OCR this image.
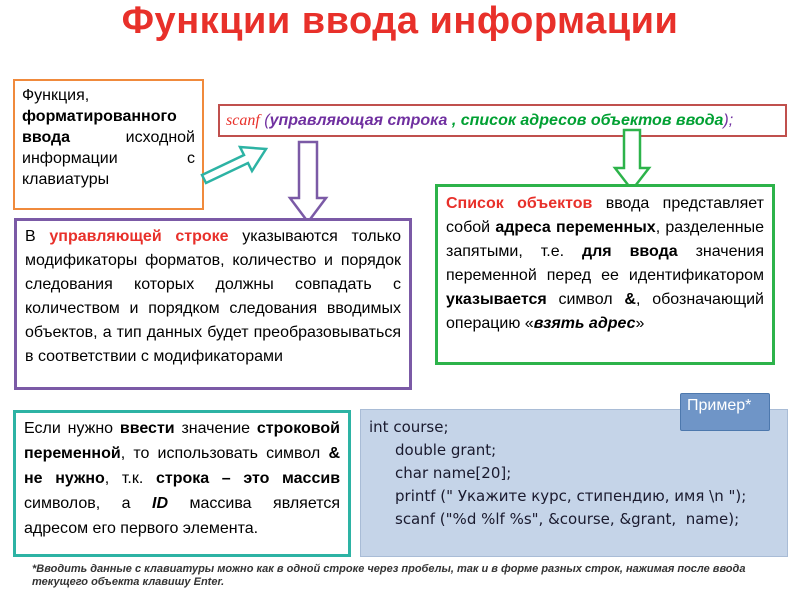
Функции ввода информации
Функция, форматированного ввода исходной информации с клавиатуры
scanf (управляющая строка , список адресов объектов ввода);
Список объектов ввода представляет собой адреса переменных, разделенные запятыми, т.е. для ввода значения переменной перед ее идентификатором указывается символ &, обозначающий операцию «взять адрес»
В управляющей строке указываются только модификаторы форматов, количество и порядок следования которых должны совпадать с количеством и порядком следования вводимых объектов, а тип данных будет преобразовываться в соответствии с модификаторами
Если нужно ввести значение строковой переменной, то использовать символ & не нужно, т.к. строка – это массив символов, а ID массива является адресом его первого элемента.
int course;
double grant;
char name[20];
printf (" Укажите курс, стипендию, имя \n ");
scanf ("%d %lf %s", &course, &grant,  name);
Пример*
*Вводить данные с клавиатуры можно как в одной строке через пробелы, так и в форме разных строк, нажимая после ввода текущего объекта клавишу Enter.
